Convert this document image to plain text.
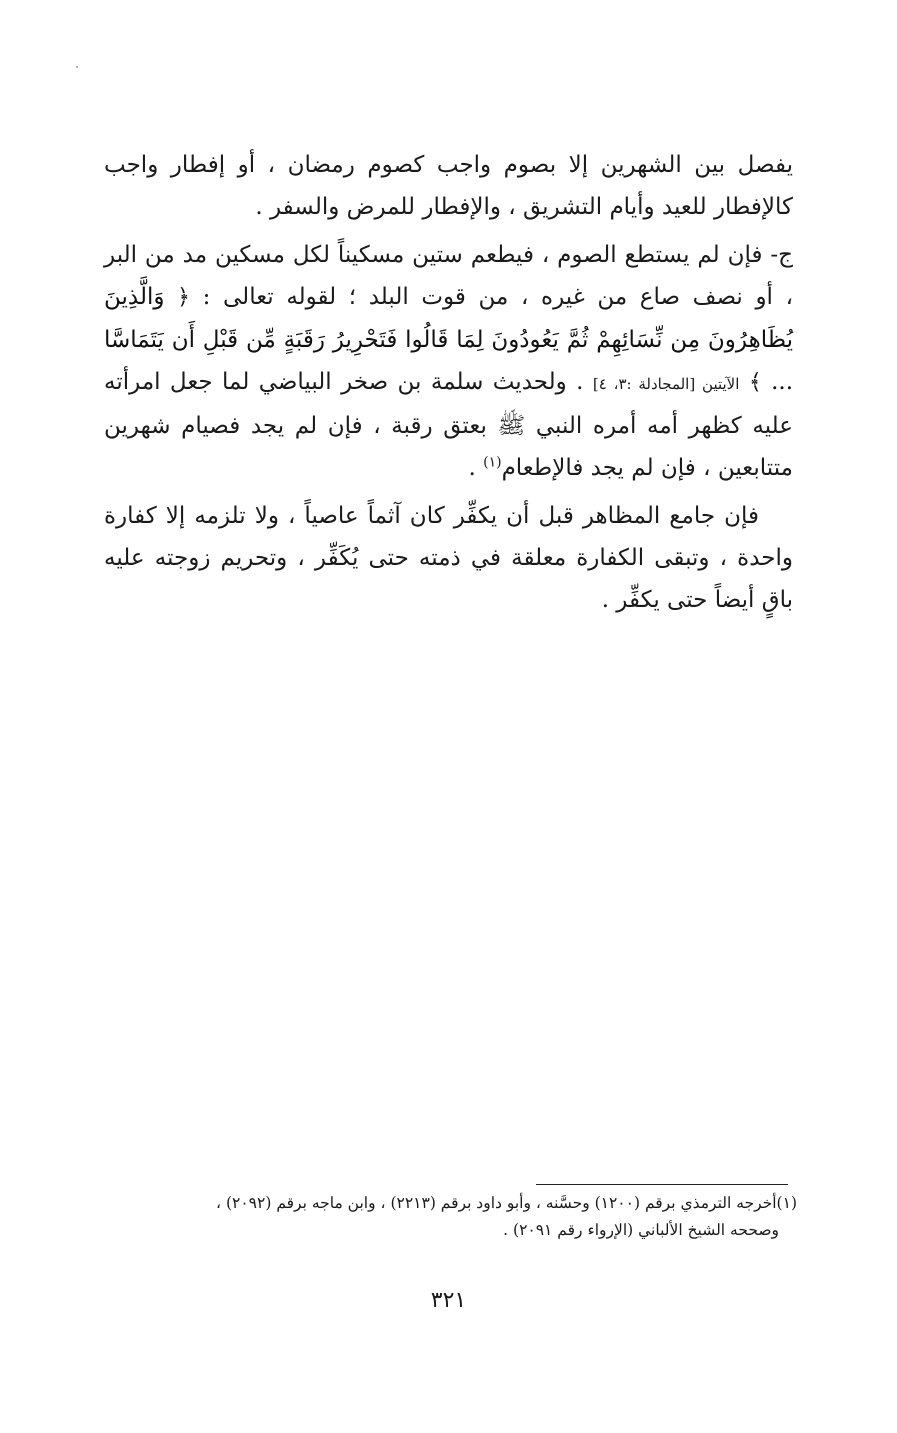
يفصل بين الشهرين إلا بصوم واجب كصوم رمضان ، أو إفطار واجب كالإفطار للعيد وأيام التشريق ، والإفطار للمرض والسفر .

ج- فإن لم يستطع الصوم ، فيطعم ستين مسكيناً لكل مسكين مد من البر ، أو نصف صاع من غيره ، من قوت البلد ؛ لقوله تعالى : ﴿ وَالَّذِينَ يُظَاهِرُونَ مِن نِّسَائِهِمْ ثُمَّ يَعُودُونَ لِمَا قَالُوا فَتَحْرِيرُ رَقَبَةٍ مِّن قَبْلِ أَن يَتَمَاسَّا ... ﴾ الآيتين [المجادلة :٣، ٤] . ولحديث سلمة بن صخر البياضي لما جعل امرأته عليه كظهر أمه أمره النبي ﷺ بعتق رقبة ، فإن لم يجد فصيام شهرين متتابعين ، فإن لم يجد فالإطعام$^{(١)}$ .

فإن جامع المظاهر قبل أن يكفِّر كان آثماً عاصياً ، ولا تلزمه إلا كفارة واحدة ، وتبقى الكفارة معلقة في ذمته حتى يُكَفِّر ، وتحريم زوجته عليه باقٍ أيضاً حتى يكفِّر .

(١)أخرجه الترمذي برقم (١٢٠٠) وحسَّنه ، وأبو داود برقم (٢٢١٣) ، وابن ماجه برقم (٢٠٩٢) ،

وصححه الشيخ الألباني (الإرواء رقم ٢٠٩١) .

٣٢١
